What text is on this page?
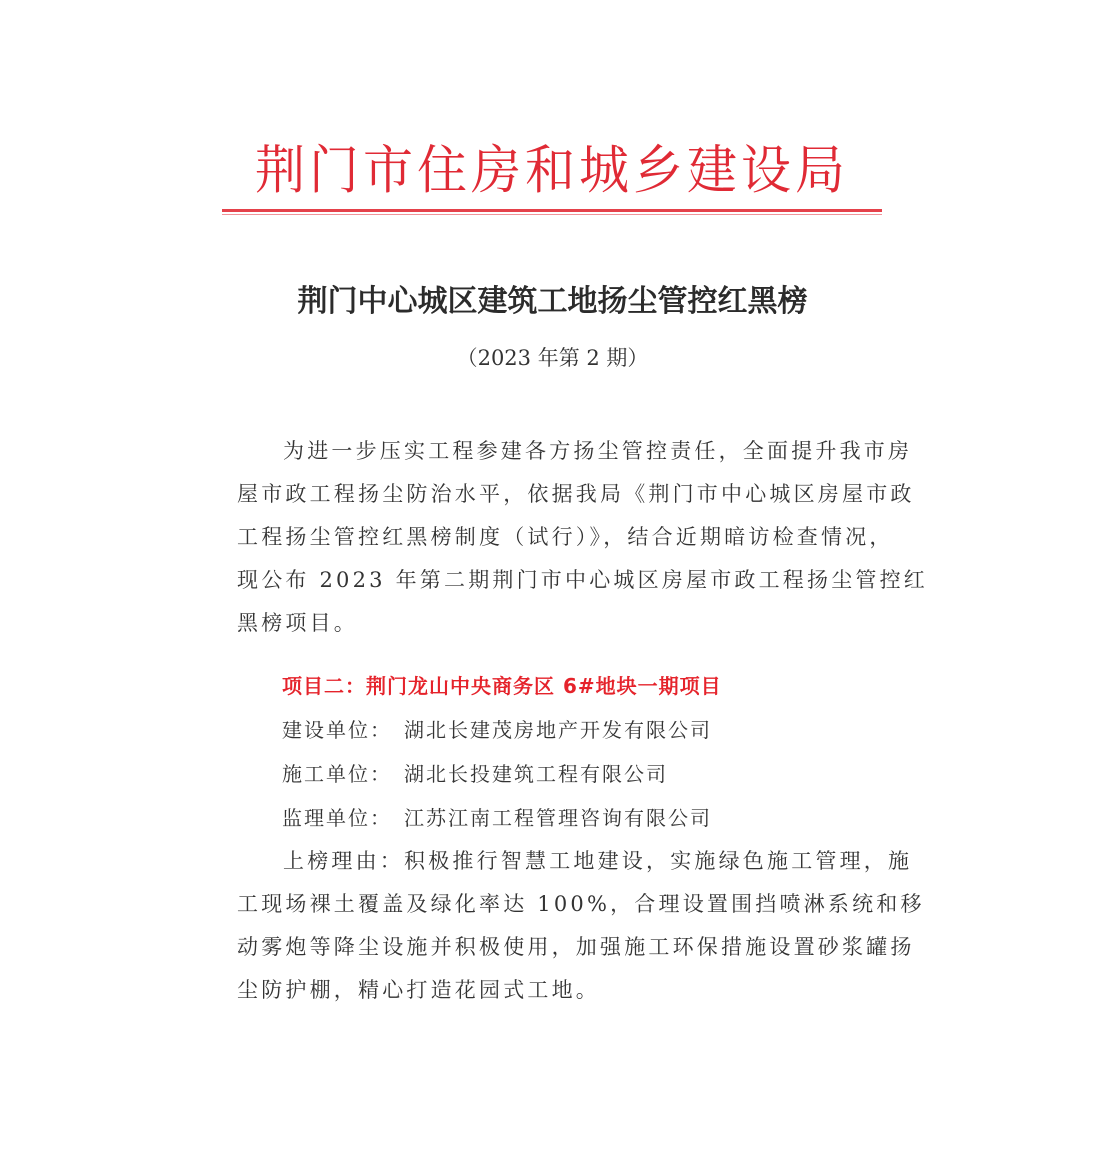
荆门市住房和城乡建设局
荆门中心城区建筑工地扬尘管控红黑榜
（2023 年第 2 期）
为进一步压实工程参建各方扬尘管控责任，全面提升我市房
屋市政工程扬尘防治水平，依据我局《荆门市中心城区房屋市政
工程扬尘管控红黑榜制度（试行）》，结合近期暗访检查情况，
现公布 2023 年第二期荆门市中心城区房屋市政工程扬尘管控红
黑榜项目。
项目二：荆门龙山中央商务区 6#地块一期项目
建设单位： 湖北长建茂房地产开发有限公司
施工单位： 湖北长投建筑工程有限公司
监理单位： 江苏江南工程管理咨询有限公司
上榜理由：积极推行智慧工地建设，实施绿色施工管理，施
工现场裸土覆盖及绿化率达 100%，合理设置围挡喷淋系统和移
动雾炮等降尘设施并积极使用，加强施工环保措施设置砂浆罐扬
尘防护棚，精心打造花园式工地。
